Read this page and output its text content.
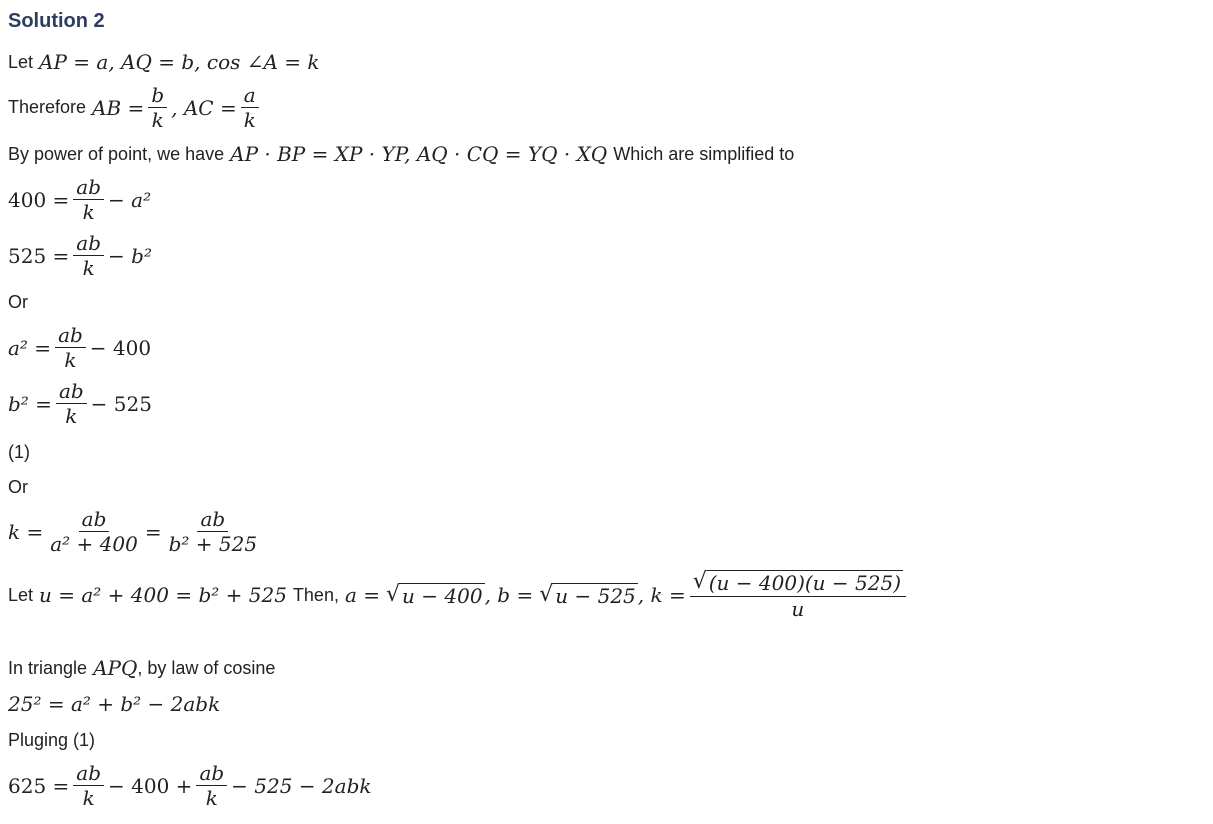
Solution 2
Let AP = a, AQ = b, cos ∠A = k
Therefore AB = $\frac{b}{k}$ , AC = $\frac{a}{k}$
By power of point, we have AP · BP = XP · YP, AQ · CQ = YQ · XQ Which are simplified to
$400 = \frac{ab}{k} - a^2$
$525 = \frac{ab}{k} - b^2$
Or
$a^2 = \frac{ab}{k} - 400$
$b^2 = \frac{ab}{k} - 525$
(1)
Or
$k = \frac{ab}{\text{a² + 400}} = \frac{ab}{\text{b² + 525}}$
Let u = a² + 400 = b² + 525 Then, a = √ u − 400 , b = √ u − 525 , $k = \frac{√ (u - 400)(u - 525)}{u}$
In triangle APQ , by law of cosine
25² = a² + b² − 2abk
Pluging (1)
$625 = \frac{ab}{k} - 400 + \frac{ab}{k} - 525 - 2abk$
